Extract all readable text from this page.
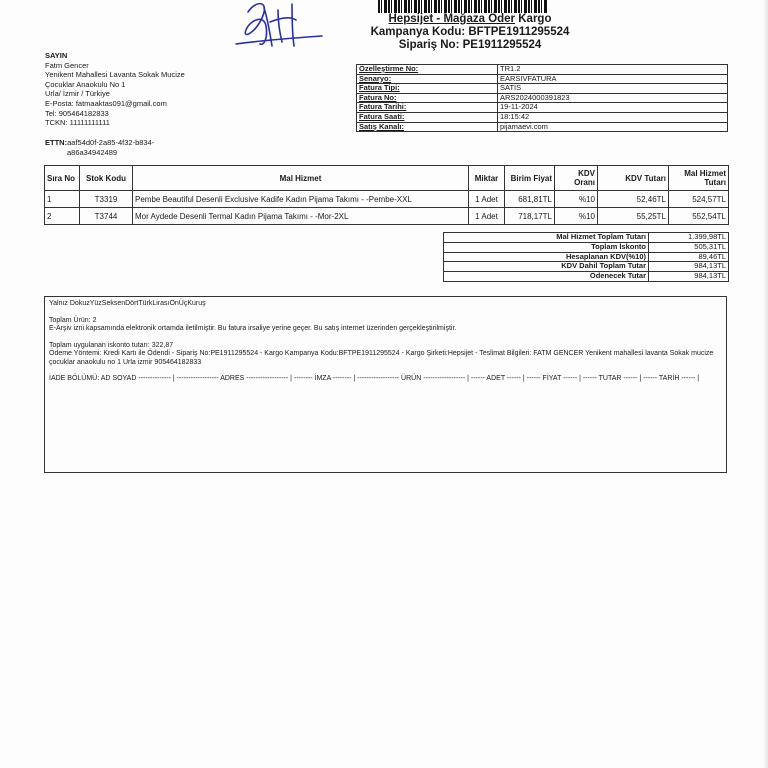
Hepsijet - Mağaza Öder Kargo
Kampanya Kodu: BFTPE1911295524
Sipariş No: PE1911295524
SAYIN
Fatm Gencer
Yenikent Mahallesi Lavanta Sokak Mucize
Çocuklar Anaokulu No 1
Urla/ İzmir / Türkiye
E-Posta: fatmaaktas091@gmail.com
Tel: 905464182833
TCKN: 11111111111
ETTN:aaf54d0f-2a85-4f32-b834-
a86a34942489
Özelleştirme No:	TR1.2
Senaryo:	EARSIVFATURA
Fatura Tipi:	SATIS
Fatura No:	ARS2024000391823
Fatura Tarihi:	19-11-2024
Fatura Saati:	18:15:42
Satış Kanalı:	pijamaevi.com
Sıra No	Stok Kodu	Mal Hizmet	Miktar	Birim Fiyat	KDV Oranı	KDV Tutarı	Mal Hizmet Tutarı
1	T3319	Pembe Beautiful Desenli Exclusive Kadife Kadın Pijama Takımı - -Pembe-XXL	1 Adet	681,81TL	%10	52,46TL	524,57TL
2	T3744	Mor Aydede Desenli Termal Kadın Pijama Takımı - -Mor-2XL	1 Adet	718,17TL	%10	55,25TL	552,54TL
Mal Hizmet Toplam Tutarı	1.399,98TL
Toplam İskonto	505,31TL
Hesaplanan KDV(%10)	89,46TL
KDV Dahil Toplam Tutar	984,13TL
Ödenecek Tutar	984,13TL

Yalnız DokuzYüzSeksenDörtTürkLirasıOnÜçKuruş

Toplam Ürün: 2

E-Arşiv izni kapsamında elektronik ortamda iletilmiştir. Bu fatura irsaliye yerine geçer. Bu satış internet üzerinden gerçekleştirilmiştir.

Toplam uygulanan iskonto tutarı: 322,87

Ödeme Yöntemi: Kredi Kartı ile Ödendi - Sipariş No:PE1911295524 - Kargo Kampanya Kodu:BFTPE1911295524 - Kargo Şirketi:Hepsijet - Teslimat Bilgileri: FATM GENCER Yenikent mahallesi lavanta Sokak mucize çocuklar anaokulu no 1 Urla izmir 905464182833

İADE BÖLÜMÜ: AD SOYAD -------------- | ------------------ ADRES ------------------ | -------- İMZA -------- | ------------------ ÜRÜN ------------------ | ------ ADET ------ | ------ FİYAT ------ | ------ TUTAR ------ | ------ TARİH ------ |
